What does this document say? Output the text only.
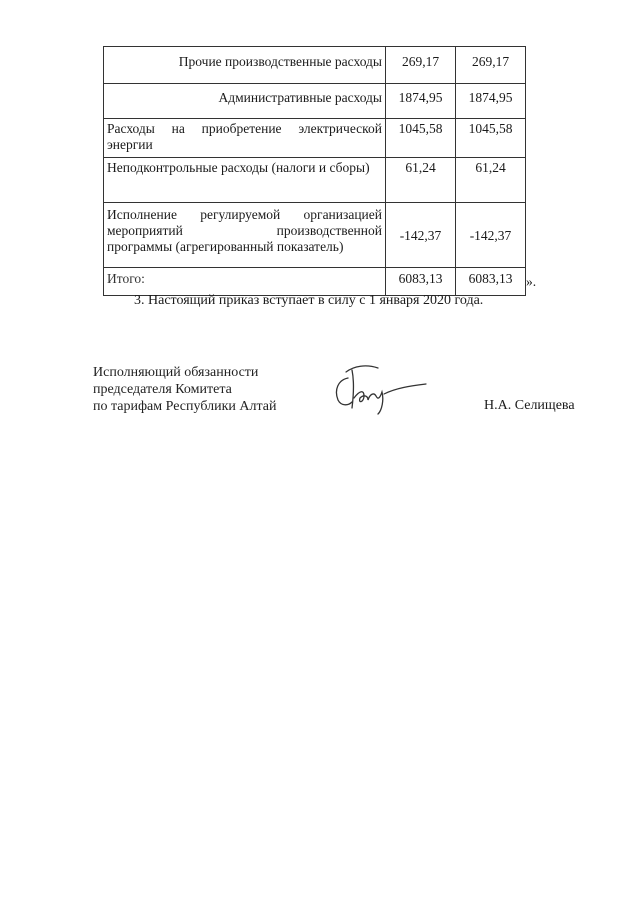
Прочие производственные расходы	269,17	269,17
Административные расходы	1874,95	1874,95
Расходы на приобретение электрической энергии	1045,58	1045,58
Неподконтрольные расходы (налоги и сборы)	61,24	61,24
Исполнение регулируемой организацией мероприятий производственной
программы (агрегированный показатель)	-142,37	-142,37
Итого:	6083,13	6083,13 ».
3. Настоящий приказ вступает в силу с 1 января 2020 года.
Исполняющий обязанности
председателя Комитета
по тарифам Республики Алтай	Н.А. Селищева
